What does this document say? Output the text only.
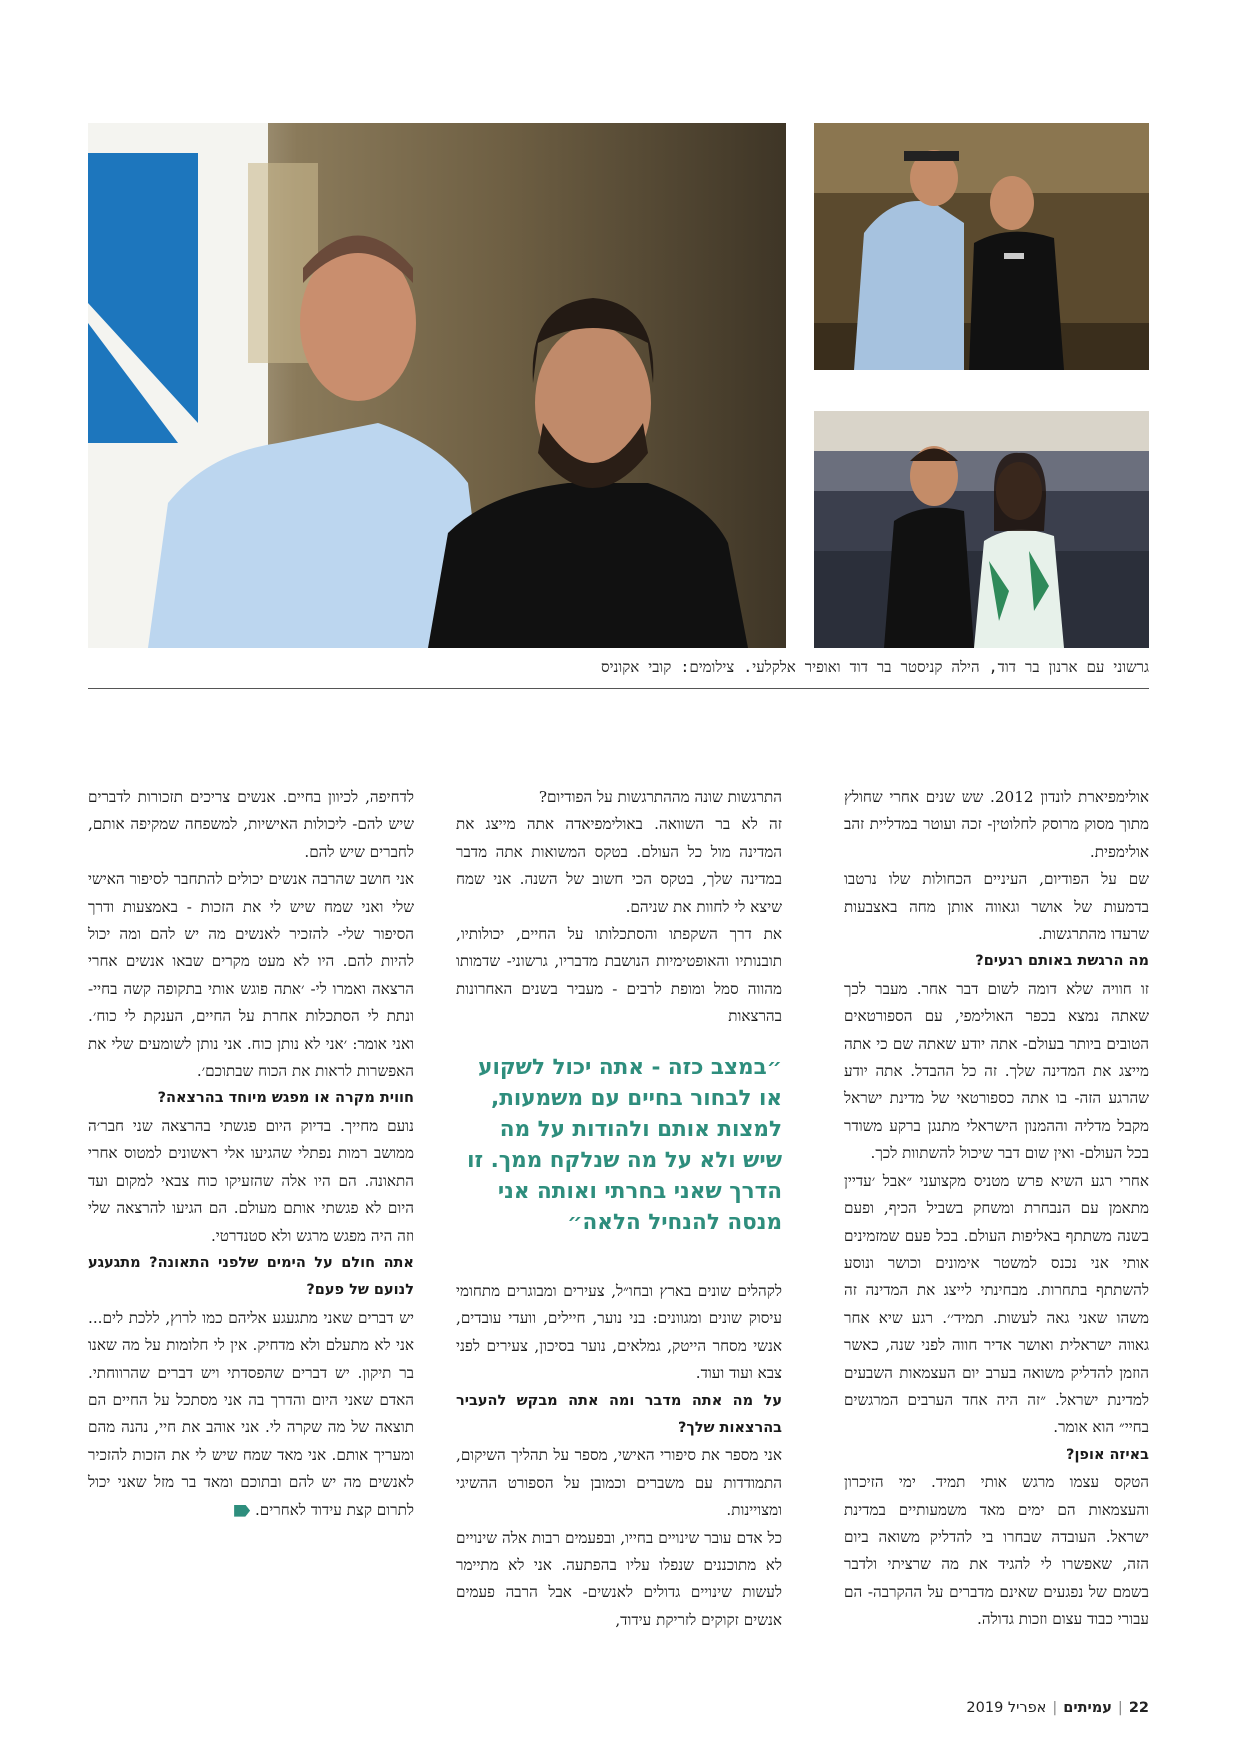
גרשוני עם ארנון בר דוד, הילה קניסטר בר דוד ואופיר אלקלעי. צילומים: קובי אקוניס

אולימפיארת לונדון 2012. שש שנים אחרי שחולץ מתוך מסוק מרוסק לחלוטין- זכה ועוטר במדליית זהב אולימפית.

שם על הפודיום, העיניים הכחולות שלו נרטבו בדמעות של אושר וגאווה אותן מחה באצבעות שרעדו מהתרגשות.

מה הרגשת באותם רגעים?

זו חוויה שלא דומה לשום דבר אחר. מעבר לכך שאתה נמצא בכפר האולימפי, עם הספורטאים הטובים ביותר בעולם- אתה יודע שאתה שם כי אתה מייצג את המדינה שלך. זה כל ההבדל. אתה יודע שהרגע הזה- בו אתה כספורטאי של מדינת ישראל מקבל מדליה וההמנון הישראלי מתנגן ברקע משודר בכל העולם- ואין שום דבר שיכול להשתוות לכך.

אחרי רגע השיא פרש מטניס מקצועני ״אבל ׳עדיין מתאמן עם הנבחרת ומשחק בשביל הכיף, ופעם בשנה משתתף באליפות העולם. בכל פעם שמזמינים אותי אני נכנס למשטר אימונים וכושר ונוסע להשתתף בתחרות. מבחינתי לייצג את המדינה זה משהו שאני גאה לעשות. תמיד׳׳. רגע שיא אחר גאווה ישראלית ואושר אדיר חווה לפני שנה, כאשר הוזמן להדליק משואה בערב יום העצמאות השבעים למדינת ישראל. ״זה היה אחד הערבים המרגשים בחיי״ הוא אומר.

באיזה אופן?

הטקס עצמו מרגש אותי תמיד. ימי הזיכרון והעצמאות הם ימים מאד משמעותיים במדינת ישראל. העובדה שבחרו בי להדליק משואה ביום הזה, שאפשרו לי להגיד את מה שרציתי ולדבר בשמם של נפגעים שאינם מדברים על ההקרבה- הם עבורי כבוד עצום וזכות גדולה.

התרגשות שונה מההתרגשות על הפודיום?

זה לא בר השוואה. באולימפיאדה אתה מייצג את המדינה מול כל העולם. בטקס המשואות אתה מדבר במדינה שלך, בטקס הכי חשוב של השנה. אני שמח שיצא לי לחוות את שניהם.

את דרך השקפתו והסתכלותו על החיים, יכולותיו, תובנותיו והאופטימיות הנושבת מדבריו, גרשוני- שדמותו מהווה סמל ומופת לרבים - מעביר בשנים האחרונות בהרצאות

״במצב כזה - אתה יכול לשקוע או לבחור בחיים עם משמעות, למצות אותם ולהודות על מה שיש ולא על מה שנלקח ממך. זו הדרך שאני בחרתי ואותה אני מנסה להנחיל הלאה״

לקהלים שונים בארץ ובחו״ל, צעירים ומבוגרים מתחומי עיסוק שונים ומגוונים: בני נוער, חיילים, וועדי עובדים, אנשי מסחר הייטק, גמלאים, נוער בסיכון, צעירים לפני צבא ועוד ועוד.

על מה אתה מדבר ומה אתה מבקש להעביר בהרצאות שלך?

אני מספר את סיפורי האישי, מספר על תהליך השיקום, התמודדות עם משברים וכמובן על הספורט ההשיגי ומצויינות.

כל אדם עובר שינויים בחייו, ובפעמים רבות אלה שינויים לא מתוכננים שנפלו עליו בהפתעה. אני לא מתיימר לעשות שינויים גדולים לאנשים- אבל הרבה פעמים אנשים זקוקים לזריקת עידוד,

לדחיפה, לכיוון בחיים. אנשים צריכים תזכורות לדברים שיש להם- ליכולות האישיות, למשפחה שמקיפה אותם, לחברים שיש להם.

אני חושב שהרבה אנשים יכולים להתחבר לסיפור האישי שלי ואני שמח שיש לי את הזכות - באמצעות ודרך הסיפור שלי- להזכיר לאנשים מה יש להם ומה יכול להיות להם. היו לא מעט מקרים שבאו אנשים אחרי הרצאה ואמרו לי- ׳אתה פוגש אותי בתקופה קשה בחיי- ונתת לי הסתכלות אחרת על החיים, הענקת לי כוח׳. ואני אומר: ׳אני לא נותן כוח. אני נותן לשומעים שלי את האפשרות לראות את הכוח שבתוכם׳.

חווית מקרה או מפגש מיוחד בהרצאה?

נועם מחייך. בדיוק היום פגשתי בהרצאה שני חבר׳ה ממושב רמות נפתלי שהגיעו אלי ראשונים למטוס אחרי התאונה. הם היו אלה שהזעיקו כוח צבאי למקום ועד היום לא פגשתי אותם מעולם. הם הגיעו להרצאה שלי וזה היה מפגש מרגש ולא סטנדרטי.

אתה חולם על הימים שלפני התאונה? מתגעגע לנועם של פעם?

יש דברים שאני מתגעגע אליהם כמו לרוץ, ללכת לים... אני לא מתעלם ולא מדחיק. אין לי חלומות על מה שאנו בר תיקון. יש דברים שהפסדתי ויש דברים שהרווחתי. האדם שאני היום והדרך בה אני מסתכל על החיים הם תוצאה של מה שקרה לי. אני אוהב את חיי, נהנה מהם ומעריך אותם. אני מאד שמח שיש לי את הזכות להזכיר לאנשים מה יש להם ובתוכם ומאד בר מזל שאני יכול לתרום קצת עידוד לאחרים.

22|עמיתים|אפריל 2019
